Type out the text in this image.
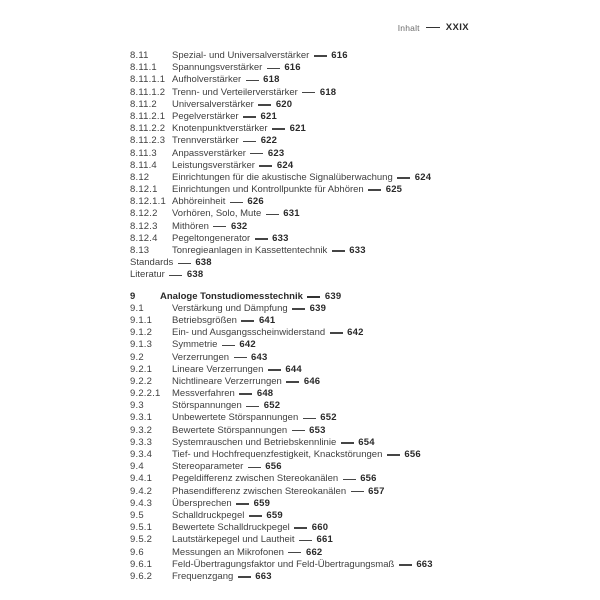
Inhalt	XXIX
8.11	Spezial- und Universalverstärker 616
8.11.1	Spannungsverstärker 616
8.11.1.1 Aufholverstärker 618
8.11.1.2 Trenn- und Verteilerverstärker 618
8.11.2	Universalverstärker 620
8.11.2.1 Pegelverstärker 621
8.11.2.2 Knotenpunktverstärker 621
8.11.2.3 Trennverstärker 622
8.11.3	Anpassverstärker 623
8.11.4	Leistungsverstärker 624
8.12	Einrichtungen für die akustische Signalüberwachung 624
8.12.1	Einrichtungen und Kontrollpunkte für Abhören 625
8.12.1.1 Abhöreinheit 626
8.12.2	Vorhören, Solo, Mute 631
8.12.3	Mithören 632
8.12.4	Pegeltongenerator 633
8.13	Tonregieanlagen in Kassettentechnik 633
Standards 638
Literatur 638
9	Analoge Tonstudiomesstechnik 639
9.1	Verstärkung und Dämpfung 639
9.1.1	Betriebsgrößen 641
9.1.2	Ein- und Ausgangsscheinwiderstand 642
9.1.3	Symmetrie 642
9.2	Verzerrungen 643
9.2.1	Lineare Verzerrungen 644
9.2.2	Nichtlineare Verzerrungen 646
9.2.2.1	Messverfahren 648
9.3	Störspannungen 652
9.3.1	Unbewertete Störspannungen 652
9.3.2	Bewertete Störspannungen 653
9.3.3	Systemrauschen und Betriebskennlinie 654
9.3.4	Tief- und Hochfrequenzfestigkeit, Knackstörungen 656
9.4	Stereoparameter 656
9.4.1	Pegeldifferenz zwischen Stereokanälen 656
9.4.2	Phasendifferenz zwischen Stereokanälen 657
9.4.3	Übersprechen 659
9.5	Schalldruckpegel 659
9.5.1	Bewertete Schalldruckpegel 660
9.5.2	Lautstärkepegel und Lautheit 661
9.6	Messungen an Mikrofonen 662
9.6.1	Feld-Übertragungsfaktor und Feld-Übertragungsmaß 663
9.6.2	Frequenzgang 663
